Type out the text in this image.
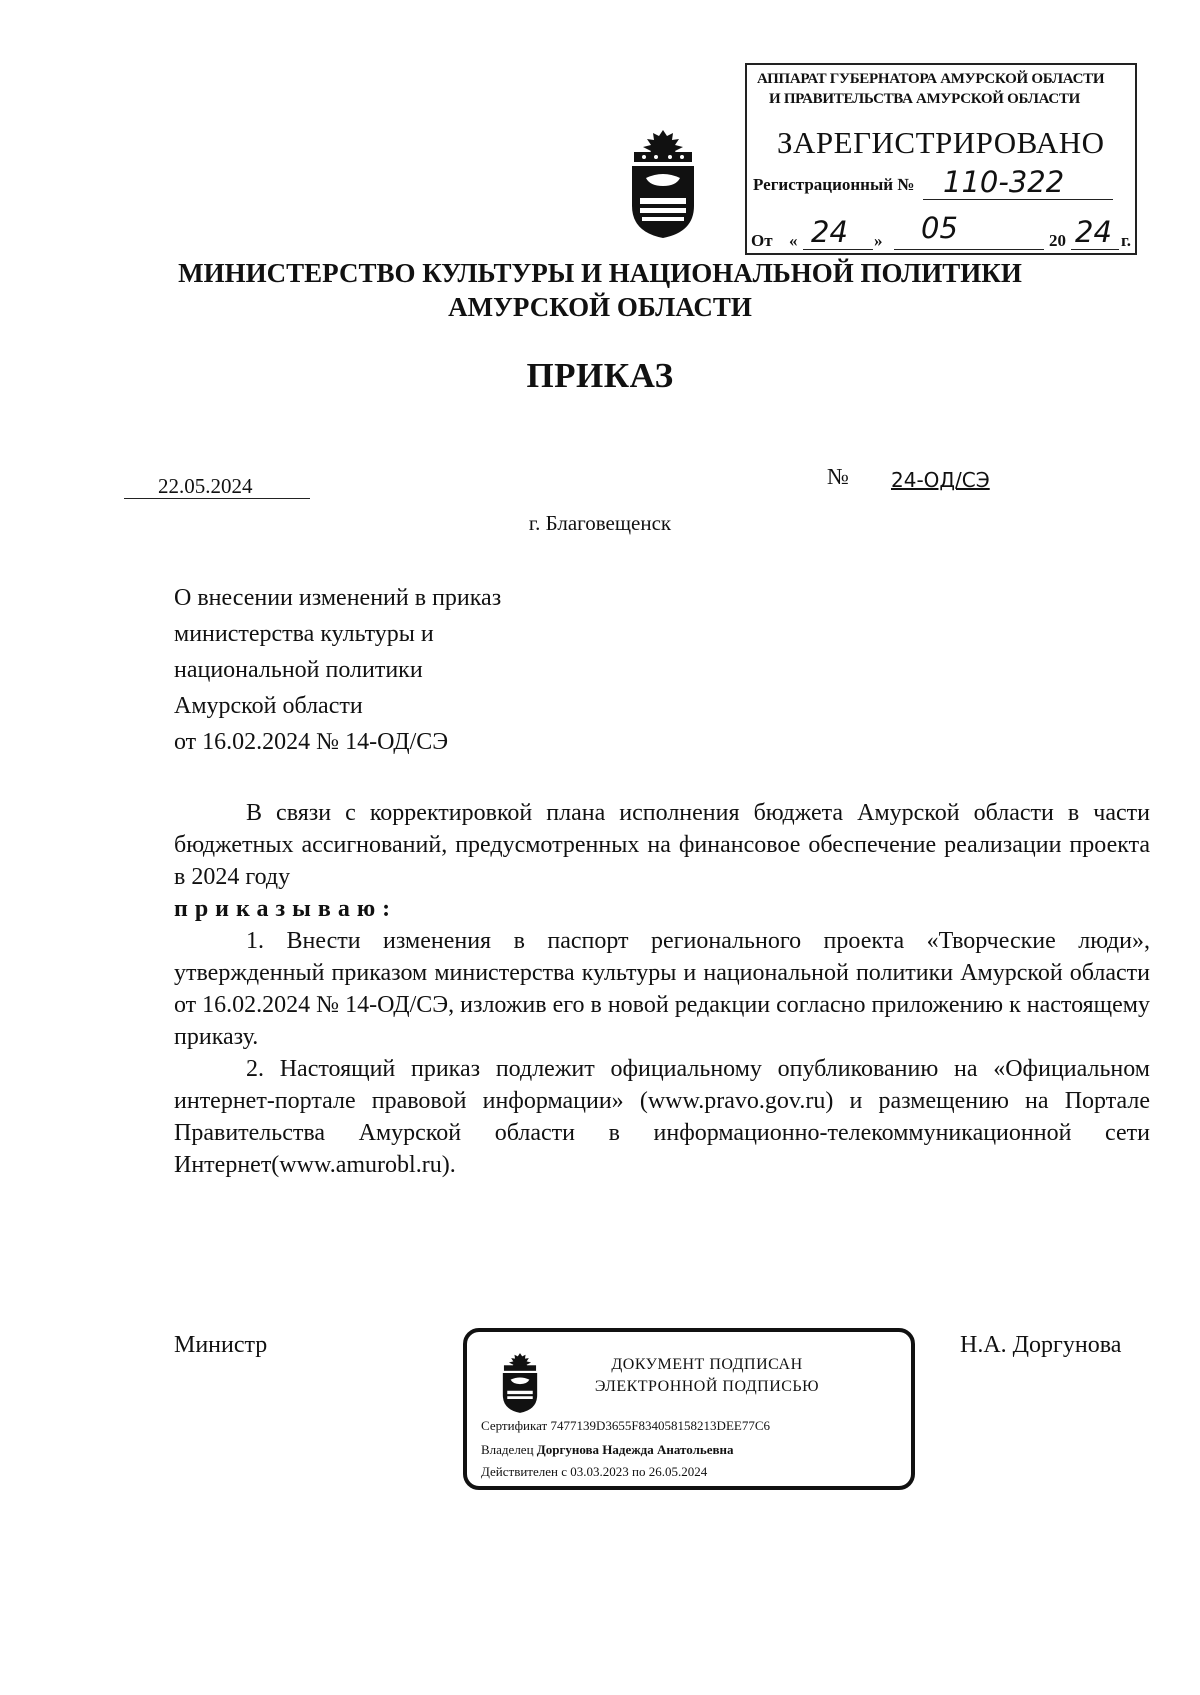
АППАРАТ ГУБЕРНАТОРА АМУРСКОЙ ОБЛАСТИ
И ПРАВИТЕЛЬСТВА АМУРСКОЙ ОБЛАСТИ
ЗАРЕГИСТРИРОВАНО
Регистрационный № 110-322
От « 24 » 05	20 24 г.
МИНИСТЕРСТВО КУЛЬТУРЫ И НАЦИОНАЛЬНОЙ ПОЛИТИКИ
АМУРСКОЙ ОБЛАСТИ
ПРИКАЗ
22.05.2024	№ 24-ОД/СЭ
г. Благовещенск
О внесении изменений в приказ
министерства культуры и
национальной политики
Амурской области
от 16.02.2024 № 14-ОД/СЭ
В связи с корректировкой плана исполнения бюджета Амурской области в части бюджетных ассигнований, предусмотренных на финансовое обеспечение реализации проекта в 2024 году
приказываю:
1. Внести изменения в паспорт регионального проекта «Творческие люди», утвержденный приказом министерства культуры и национальной политики Амурской области от 16.02.2024 № 14-ОД/СЭ, изложив его в новой редакции согласно приложению к настоящему приказу.
2. Настоящий приказ подлежит официальному опубликованию на «Официальном интернет-портале правовой информации» (www.pravo.gov.ru) и размещению на Портале Правительства Амурской области в информационно-телекоммуникационной сети Интернет(www.amurobl.ru).
Министр	Н.А. Доргунова
ДОКУМЕНТ ПОДПИСАН
ЭЛЕКТРОННОЙ ПОДПИСЬЮ
Сертификат 7477139D3655F834058158213DEE77C6
Владелец Доргунова Надежда Анатольевна
Действителен с 03.03.2023 по 26.05.2024
